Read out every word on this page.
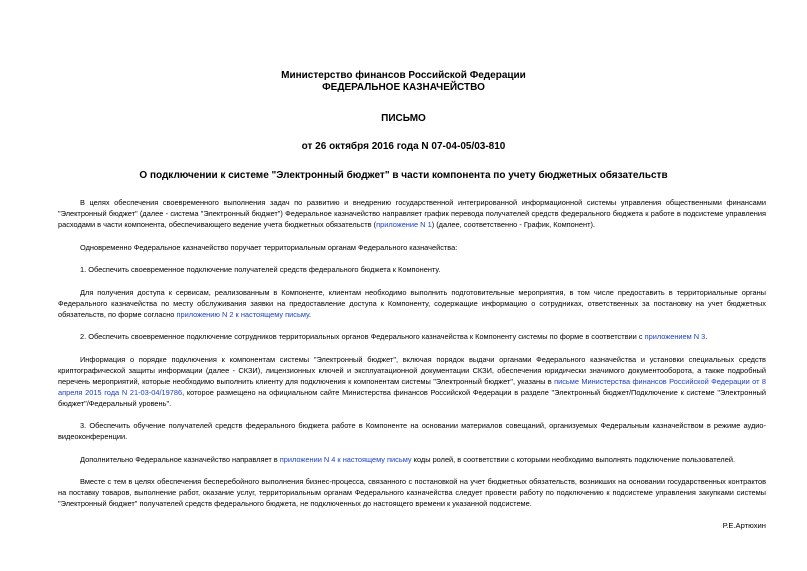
Министерство финансов Российской Федерации
ФЕДЕРАЛЬНОЕ КАЗНАЧЕЙСТВО
ПИСЬМО
от 26 октября 2016 года N 07-04-05/03-810
О подключении к системе "Электронный бюджет" в части компонента по учету бюджетных обязательств

В целях обеспечения своевременного выполнения задач по развитию и внедрению государственной интегрированной информационной системы управления общественными финансами "Электронный бюджет" (далее - система "Электронный бюджет") Федеральное казначейство направляет график перевода получателей средств федерального бюджета к работе в подсистеме управления расходами в части компонента, обеспечивающего ведение учета бюджетных обязательств (приложение N 1) (далее, соответственно - График, Компонент).

Одновременно Федеральное казначейство поручает территориальным органам Федерального казначейства:

1. Обеспечить своевременное подключение получателей средств федерального бюджета к Компоненту.

Для получения доступа к сервисам, реализованным в Компоненте, клиентам необходимо выполнить подготовительные мероприятия, в том числе предоставить в территориальные органы Федерального казначейства по месту обслуживания заявки на предоставление доступа к Компоненту, содержащие информацию о сотрудниках, ответственных за постановку на учет бюджетных обязательств, по форме согласно приложению N 2 к настоящему письму.

2. Обеспечить своевременное подключение сотрудников территориальных органов Федерального казначейства к Компоненту системы по форме в соответствии с приложением N 3.

Информация о порядке подключения к компонентам системы "Электронный бюджет", включая порядок выдачи органами Федерального казначейства и установки специальных средств криптографической защиты информации (далее - СКЗИ), лицензионных ключей и эксплуатационной документации СКЗИ, обеспечения юридически значимого документооборота, а также подробный перечень мероприятий, которые необходимо выполнить клиенту для подключения к компонентам системы "Электронный бюджет", указаны в письме Министерства финансов Российской Федерации от 8 апреля 2015 года N 21-03-04/19786, которое размещено на официальном сайте Министерства финансов Российской Федерации в разделе "Электронный бюджет/Подключение к системе "Электронный бюджет"/Федеральный уровень".

3. Обеспечить обучение получателей средств федерального бюджета работе в Компоненте на основании материалов совещаний, организуемых Федеральным казначейством в режиме аудио-видеоконференции.

Дополнительно Федеральное казначейство направляет в приложении N 4 к настоящему письму коды ролей, в соответствии с которыми необходимо выполнять подключение пользователей.

Вместе с тем в целях обеспечения бесперебойного выполнения бизнес-процесса, связанного с постановкой на учет бюджетных обязательств, возникших на основании государственных контрактов на поставку товаров, выполнение работ, оказание услуг, территориальным органам Федерального казначейства следует провести работу по подключению к подсистеме управления закупками системы "Электронный бюджет" получателей средств федерального бюджета, не подключенных до настоящего времени к указанной подсистеме.

Р.Е.Артюхин
